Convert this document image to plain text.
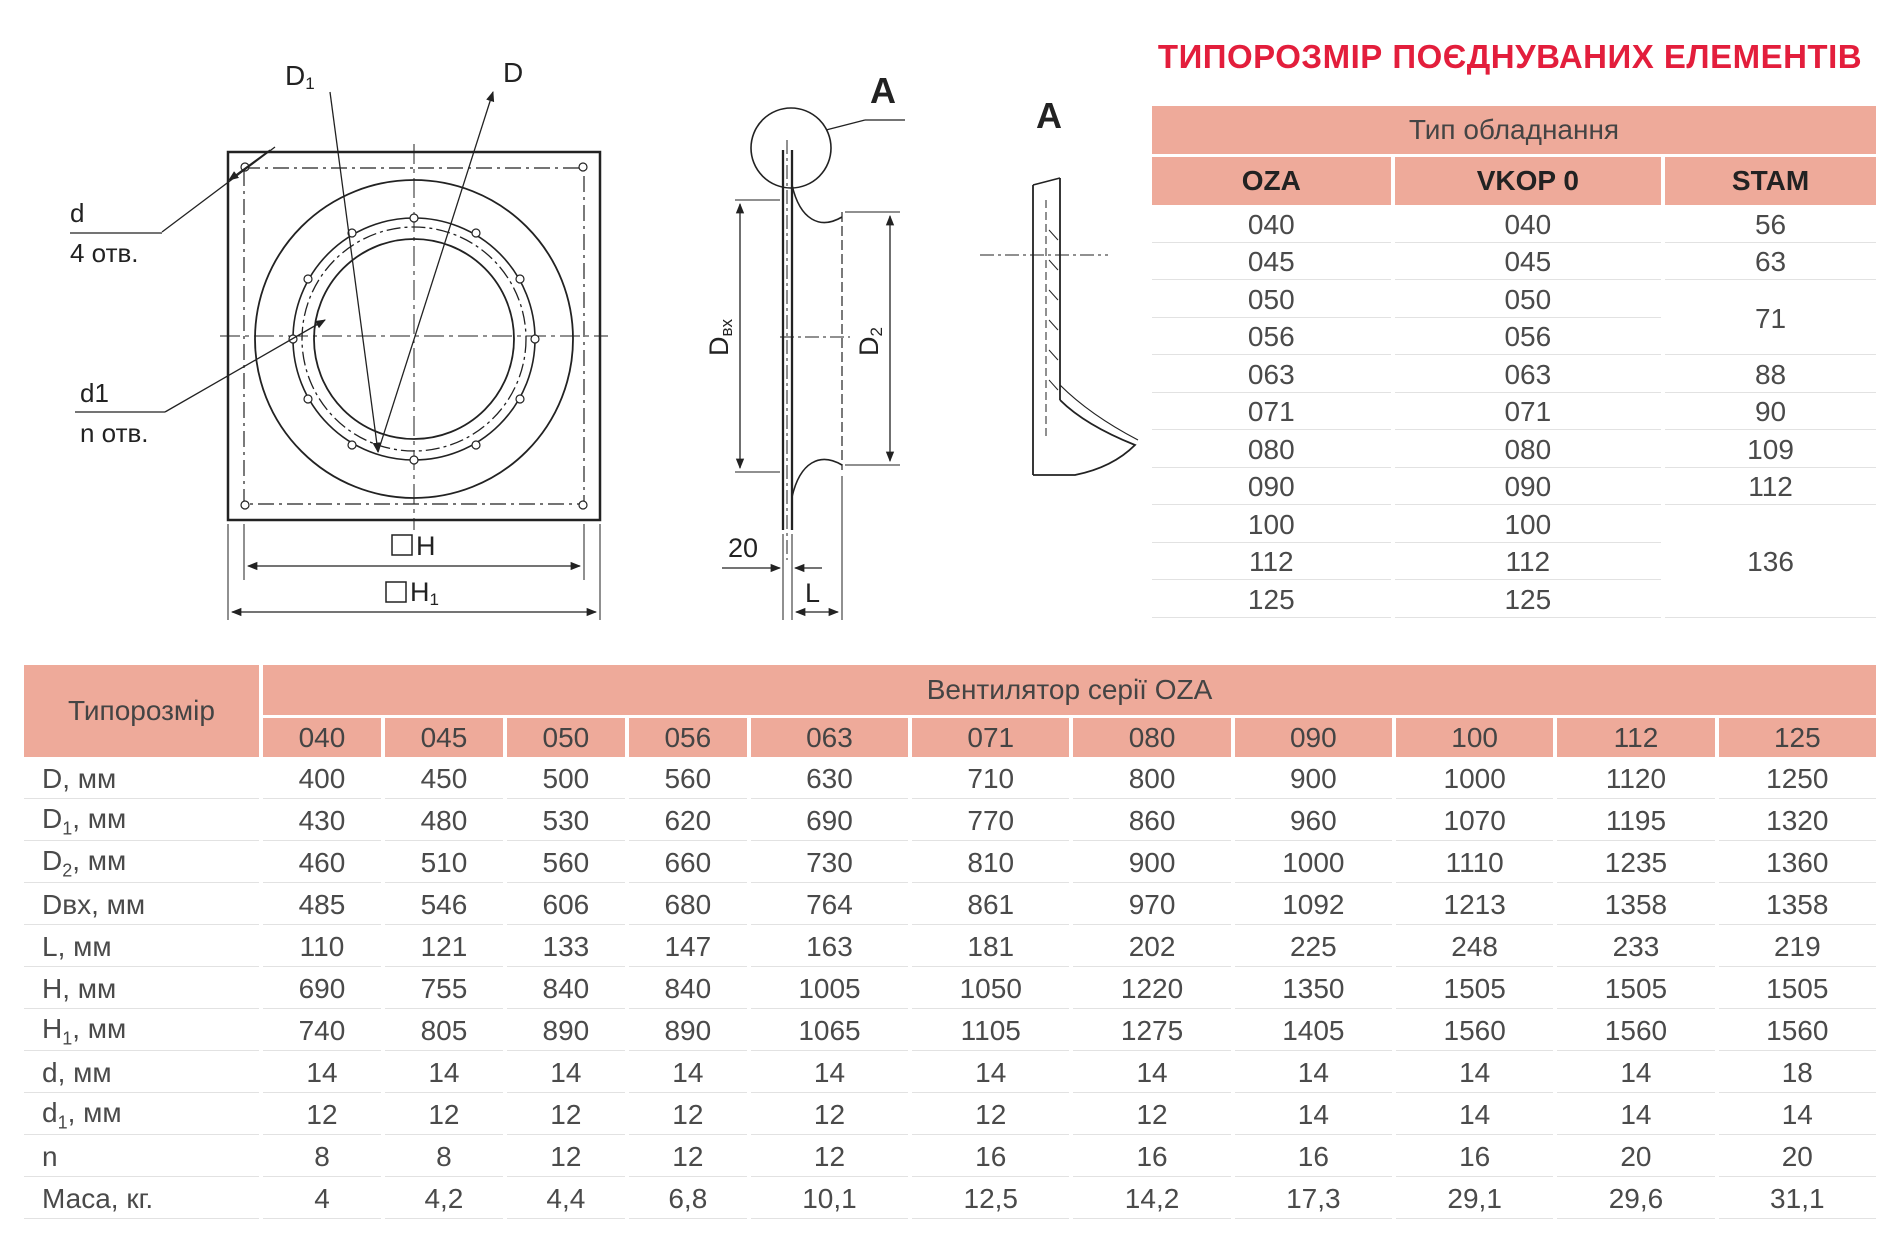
D1	D
d
4 отв.
d1
n отв.
H
H1
A
Dвх
D2
20
L
A
ТИПОРОЗМІР ПОЄДНУВАНИХ ЕЛЕМЕНТІВ
Тип обладнання		
OZA	VKOP 0	STAM
040	040	56
045	045	63
050	050	71
056	056	
063	063	88
071	071	90
080	080	109
090	090	112
100	100	136
112	112	
125	125	
Типорозмір	Вентилятор серії OZA										
	040	045	050	056	063	071	080	090	100	112	125
D, мм	400	450	500	560	630	710	800	900	1000	1120	1250
$D_1$, мм	430	480	530	620	690	770	860	960	1070	1195	1320
$D_2$, мм	460	510	560	660	730	810	900	1000	1110	1235	1360
Dвх, мм	485	546	606	680	764	861	970	1092	1213	1358	1358
L, мм	110	121	133	147	163	181	202	225	248	233	219
H, мм	690	755	840	840	1005	1050	1220	1350	1505	1505	1505
$H_1$, мм	740	805	890	890	1065	1105	1275	1405	1560	1560	1560
d, мм	14	14	14	14	14	14	14	14	14	14	18
$d_1$, мм	12	12	12	12	12	12	12	14	14	14	14
n	8	8	12	12	12	16	16	16	16	20	20
Маса, кг.	4	4,2	4,4	6,8	10,1	12,5	14,2	17,3	29,1	29,6	31,1
